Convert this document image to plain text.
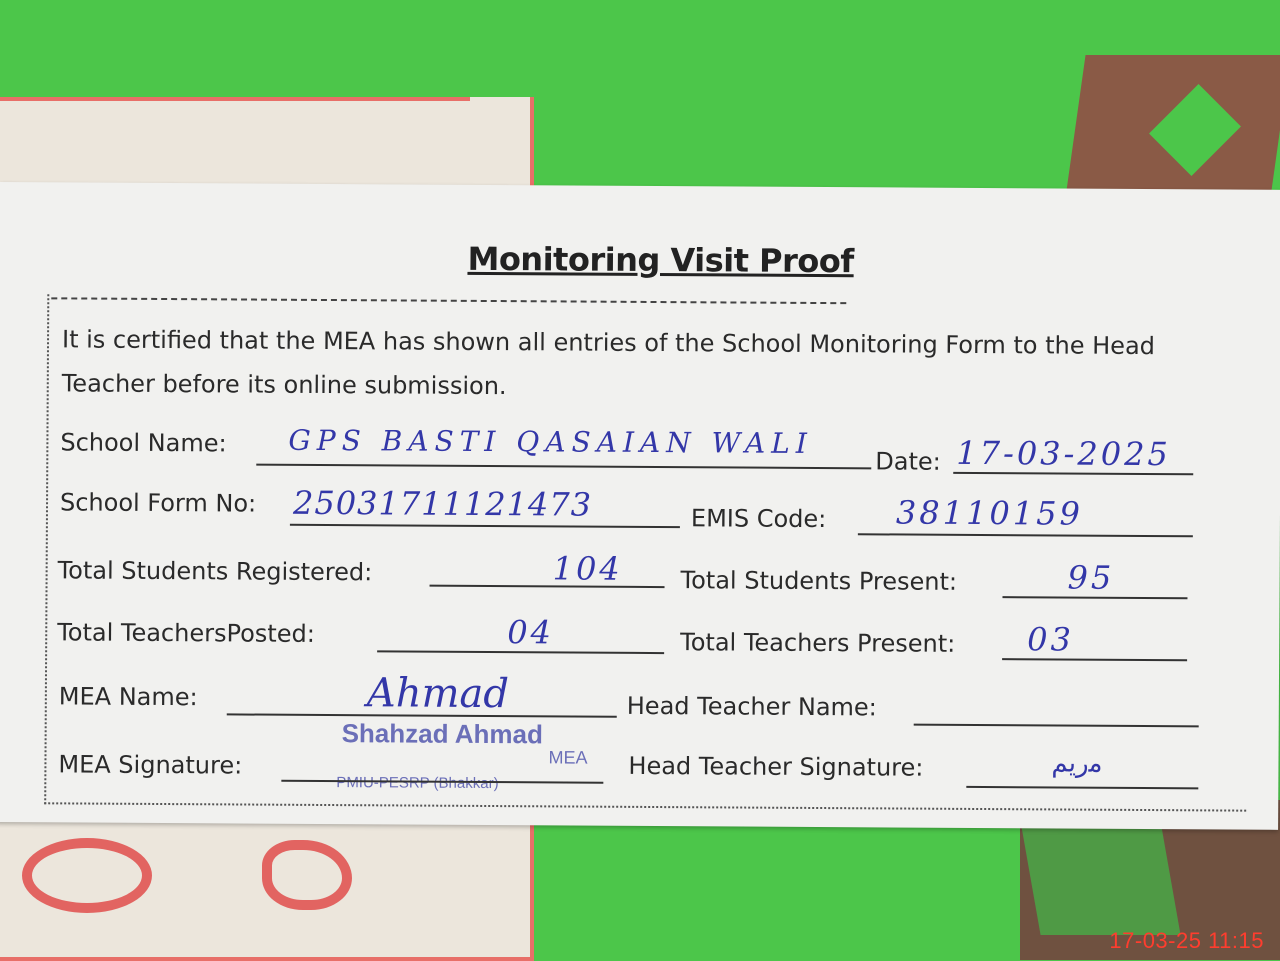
Monitoring Visit Proof
It is certified that the MEA has shown all entries of the School Monitoring Form to the Head Teacher before its online submission.
School Name: GPS BASTI QASAIAN WALI
Date: 17-03-2025
School Form No: 25031711121473	EMIS Code: 38110159
Total Students Registered:	104 Total Students Present:	95
Total TeachersPosted:	04	Total Teachers Present: 03
MEA Name:	Ahmad	Head Teacher Name:
Shahzad Ahmad
MEA
PMIU-PESRP (Bhakkar)
MEA Signature:	Head Teacher Signature:	ﻣﺭﻳﻢ
17-03-25 11:15
